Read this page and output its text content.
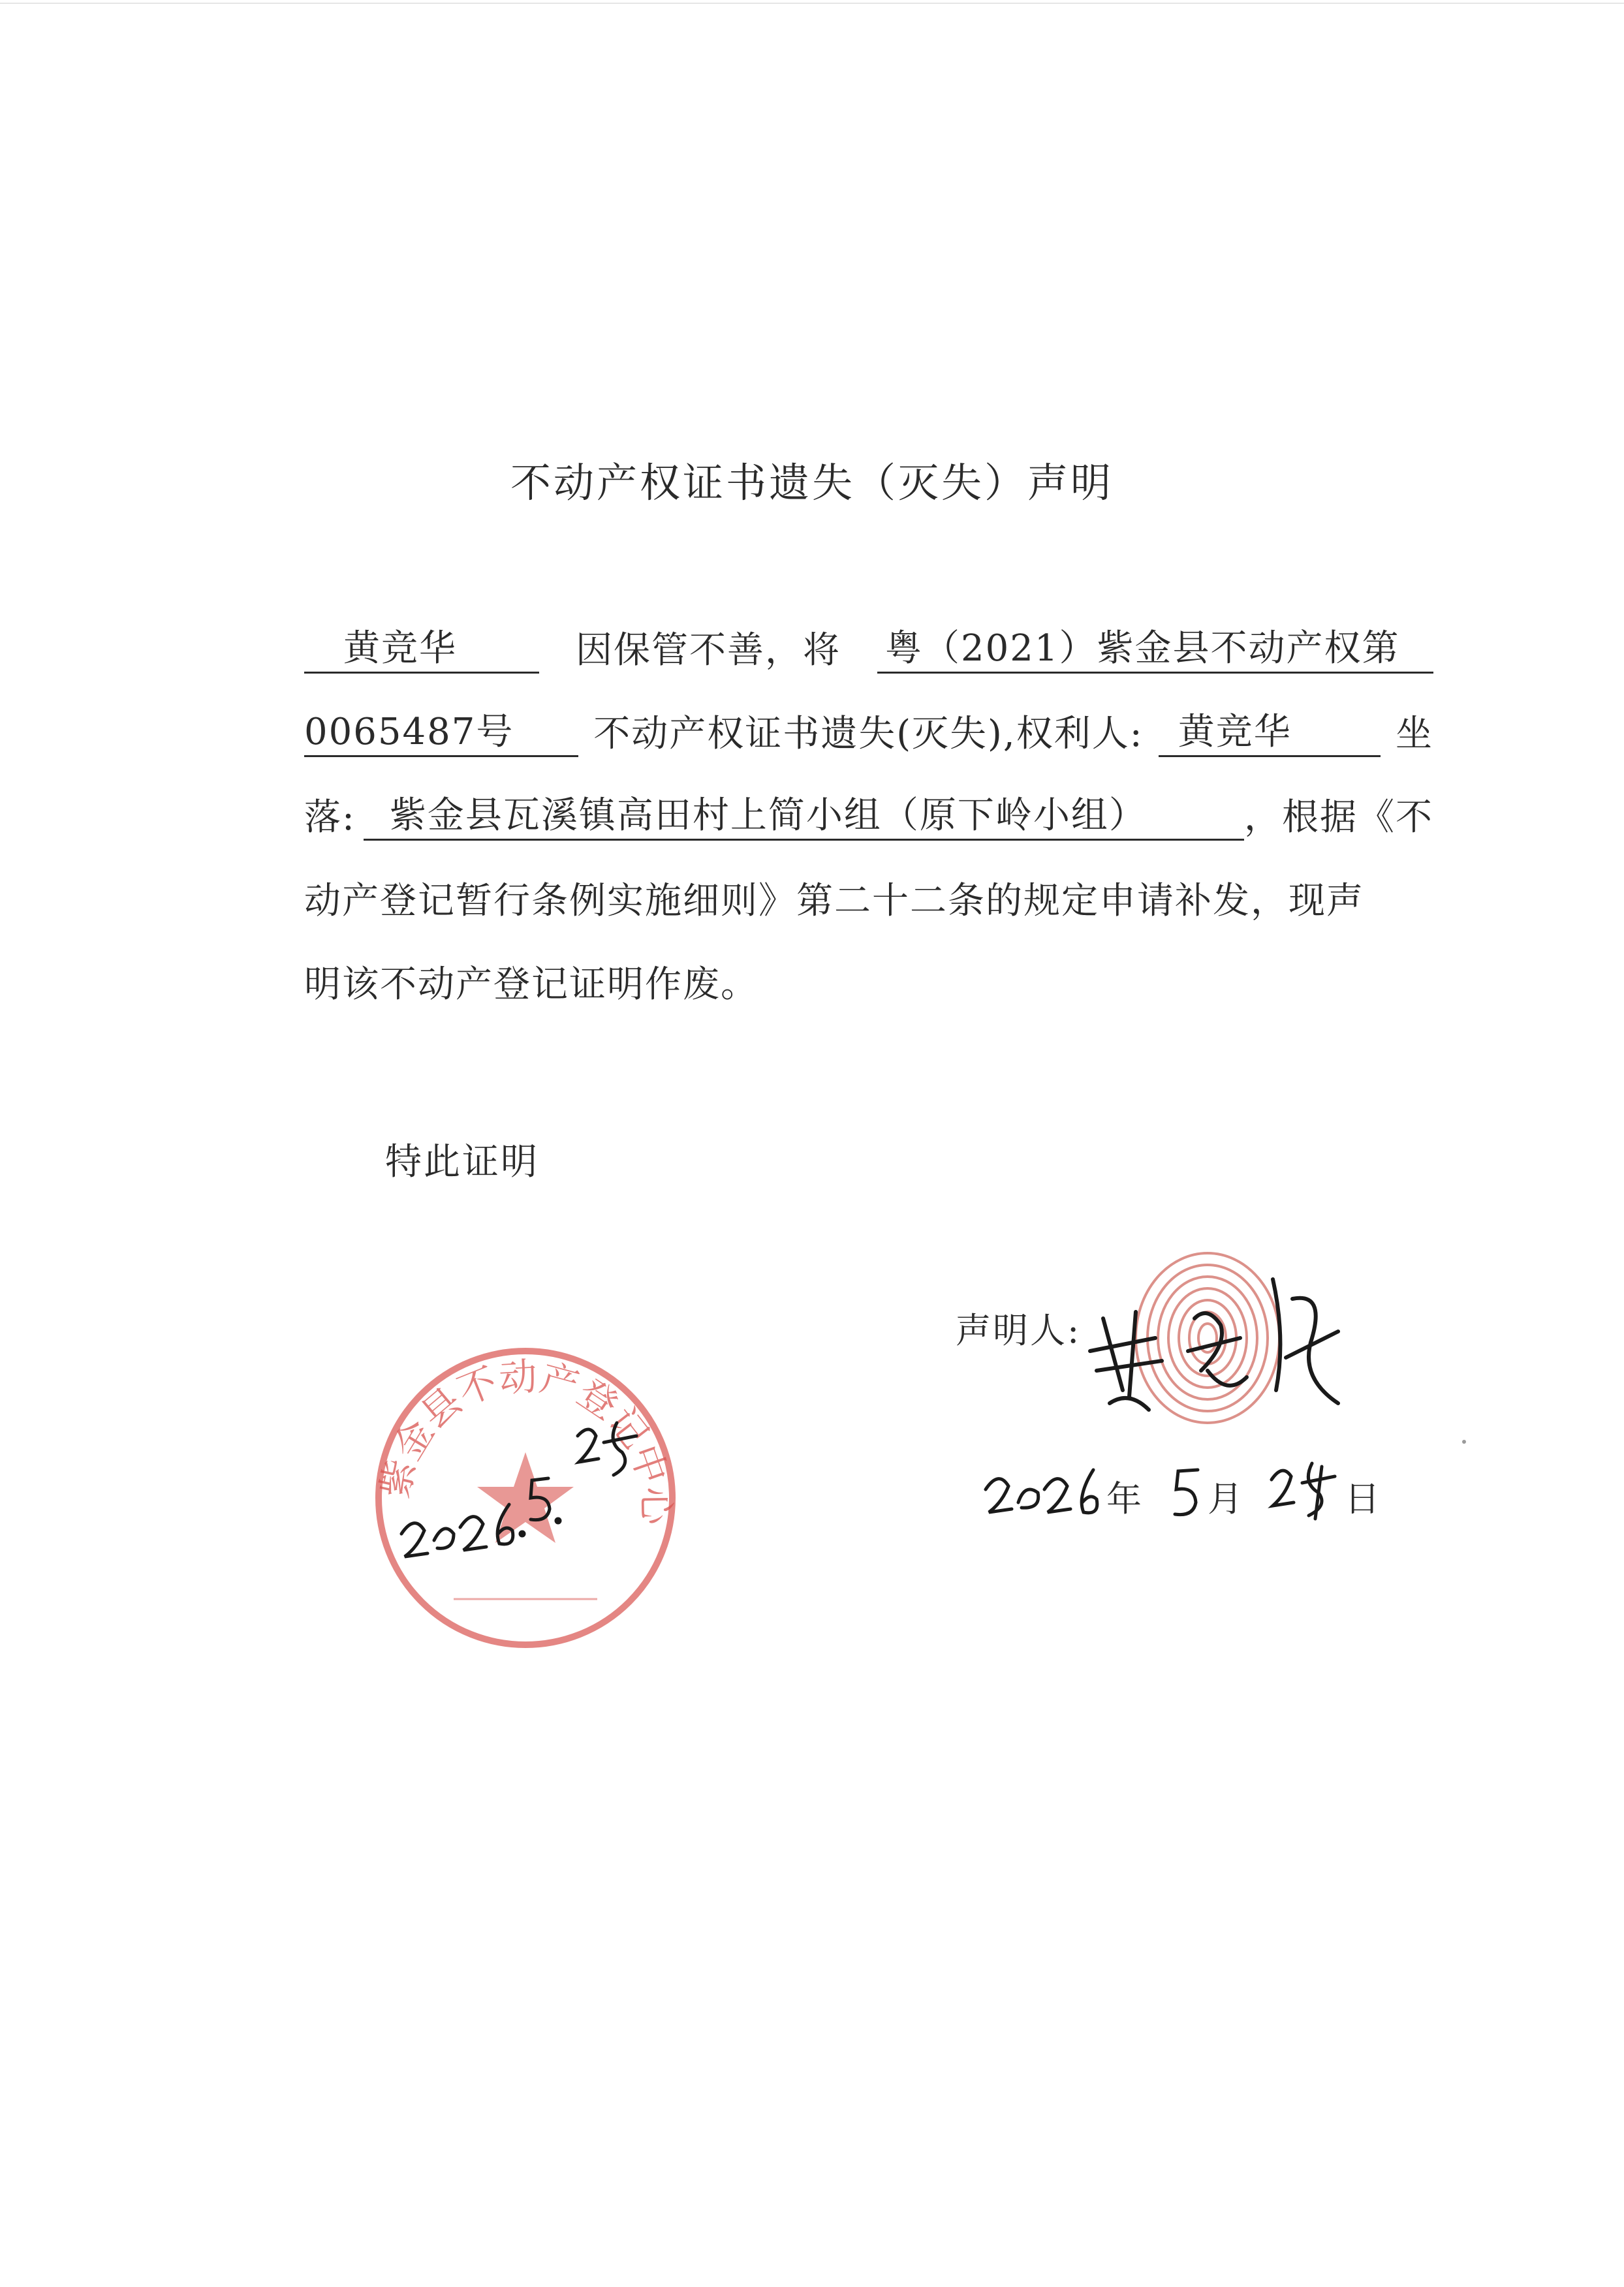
不动产权证书遗失（灭失）声明
黄竞华	因保管不善，将 粤（2021）紫金县不动产权第
0065487号	不动产权证书遗失(灭失),权利人: 黄竞华	坐
落: 紫金县瓦溪镇高田村上简小组（原下岭小组）	，根据《不
动产登记暂行条例实施细则》第二十二条的规定申请补发，现声
明该不动产登记证明作废。
特此证明
声明人:
年 月	日
紫金县不动产登记中心
